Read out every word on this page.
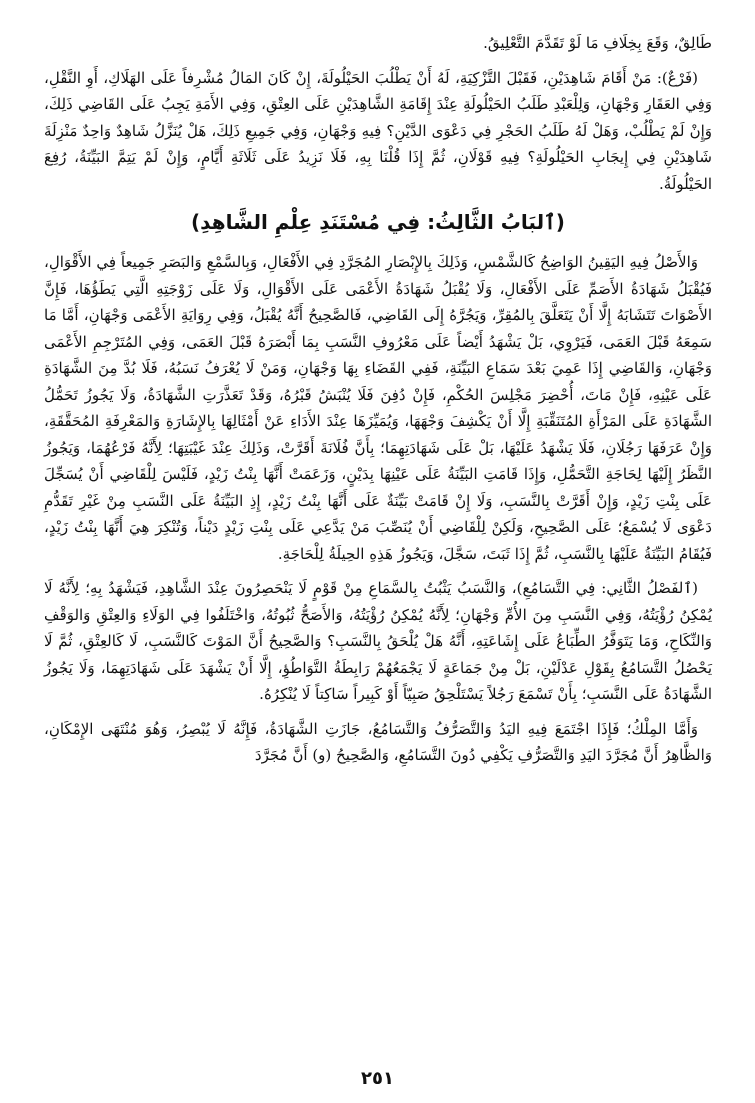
طَالِقٌ، وَقَعَ بِخِلَافِ مَا لَوْ تَقَدَّمَ التَّعْلِيقُ.

(فَرْعٌ): مَنْ أَقَامَ شَاهِدَيْنِ، فَقَبْلَ التَّزْكِيَةِ، لَهُ أَنْ يَطْلُبَ الحَيْلُولَةَ، إِنْ كَانَ المَالُ مُشْرِفاً عَلَى الهَلَاكِ، أَوِ النَّقْلِ، وَفِي العَقَارِ وَجْهَانِ، وَلِلْعَبْدِ طَلَبُ الحَيْلُولَةِ عِنْدَ إِقَامَةِ الشَّاهِدَيْنِ عَلَى العِتْقِ، وَفِي الأَمَةِ يَجِبُ عَلَى القَاضِي ذَلِكَ، وَإِنْ لَمْ يَطْلُبْ، وَهَلْ لَهُ طَلَبُ الحَجْرِ فِي دَعْوَى الدَّيْنِ؟ فِيهِ وَجْهَانِ، وَفِي جَمِيعِ ذَلِكَ، هَلْ يُنَزَّلُ شَاهِدٌ وَاحِدٌ مَنْزِلَةَ شَاهِدَيْنِ فِي إِيجَابِ الحَيْلُولَةِ؟ فِيهِ قَوْلَانِ، ثُمَّ إِذَا قُلْنَا بِهِ، فَلَا نَزِيدُ عَلَى ثَلَاثَةِ أَيَّامٍ، وَإِنْ لَمْ يَتِمَّ البَيِّنَةُ، رُفِعَ الحَيْلُولَةُ.

(ٱلبَابُ الثَّالِثُ: فِي مُسْتَنَدِ عِلْمِ الشَّاهِدِ)

وَالأَصْلُ فِيهِ اليَقِينُ الوَاضِحُ كَالشَّمْسِ، وَذَلِكَ بِالإِبْصَارِ المُجَرَّدِ فِي الأَفْعَالِ، وَبِالسَّمْعِ وَالبَصَرِ جَمِيعاً فِي الأَقْوَالِ، فَيُقْبَلُ شَهَادَةُ الأَصَمِّ عَلَى الأَفْعَالِ، وَلَا يُقْبَلُ شَهَادَةُ الأَعْمَى عَلَى الأَقْوَالِ، وَلَا عَلَى زَوْجَتِهِ الَّتِي يَطَؤُهَا، فَإِنَّ الأَصْوَاتَ تَتَشَابَهُ إِلَّا أَنْ يَتَعَلَّقَ بِالمُقِرِّ، وَيَجُرَّهُ إِلَى القَاضِي، فَالصَّحِيحُ أَنَّهُ يُقْبَلُ، وَفِي رِوَايَةِ الأَعْمَى وَجْهَانِ، أَمَّا مَا سَمِعَهُ قَبْلَ العَمَى، فَيَرْوِي، بَلْ يَشْهَدُ أَيْضاً عَلَى مَعْرُوفِ النَّسَبِ بِمَا أَبْصَرَهُ قَبْلَ العَمَى، وَفِي المُتَرْجِمِ الأَعْمَى وَجْهَانِ، وَالقَاضِي إِذَا عَمِيَ بَعْدَ سَمَاعِ البَيِّنَةِ، فَفِي القَضَاءِ بِهَا وَجْهَانِ، وَمَنْ لَا يُعْرَفُ نَسَبُهُ، فَلَا بُدَّ مِنَ الشَّهَادَةِ عَلَى عَيْنِهِ، فَإِنْ مَاتَ، أُحْضِرَ مَجْلِسَ الحُكْمِ، فَإِنْ دُفِنَ فَلَا يُنْبَشُ قَبْرُهُ، وَقَدْ تَعَذَّرَتِ الشَّهَادَةُ، وَلَا يَجُوزُ تَحَمُّلُ الشَّهَادَةِ عَلَى المَرْأَةِ المُتَنَقِّبَةِ إِلَّا أَنْ يَكْشِفَ وَجْهَهَا، وَيُمَيِّزَهَا عِنْدَ الأَدَاءِ عَنْ أَمْثَالِهَا بِالإِشَارَةِ وَالمَعْرِفَةِ المُحَقَّقَةِ، وَإِنْ عَرَفَهَا رَجُلَانِ، فَلَا يَشْهَدُ عَلَيْهَا، بَلْ عَلَى شَهَادَتِهِمَا؛ بِأَنَّ فُلَانَةَ أَقَرَّتْ، وَذَلِكَ عِنْدَ غَيْبَتِهَا؛ لِأَنَّهُ فَرْعُهُمَا، وَيَجُوزُ النَّظَرُ إِلَيْهَا لِحَاجَةِ التَّحَمُّلِ، وَإِذَا قَامَتِ البَيِّنَةُ عَلَى عَيْنِهَا بِدَيْنٍ، وَزَعَمَتْ أَنَّهَا بِنْتُ زَيْدٍ، فَلَيْسَ لِلْقَاضِي أَنْ يُسَجِّلَ عَلَى بِنْتِ زَيْدٍ، وَإِنْ أَقَرَّتْ بِالنَّسَبِ، وَلَا إِنْ قَامَتْ بَيِّنَةٌ عَلَى أَنَّهَا بِنْتُ زَيْدٍ، إِذِ البَيِّنَةُ عَلَى النَّسَبِ مِنْ غَيْرِ تَقَدُّمِ دَعْوَى لَا يُسْمَعُ؛ عَلَى الصَّحِيحِ، وَلَكِنْ لِلْقَاضِي أَنْ يُنَصِّبَ مَنْ يَدَّعِي عَلَى بِنْتِ زَيْدٍ دَيْناً، وَتُنْكِرَ هِيَ أَنَّهَا بِنْتُ زَيْدٍ، فَيُقَامُ البَيِّنَةُ عَلَيْهَا بِالنَّسَبِ، ثُمَّ إِذَا ثَبَتَ، سَجَّلَ، وَيَجُوزُ هَذِهِ الحِيلَةُ لِلْحَاجَةِ.

(ٱلفَصْلُ الثَّانِي: فِي التَّسَامُعِ)، وَالنَّسَبُ يَثْبُتُ بِالسَّمَاعِ مِنْ قَوْمٍ لَا يَنْحَصِرُونَ عِنْدَ الشَّاهِدِ، فَيَشْهَدُ بِهِ؛ لِأَنَّهُ لَا يُمْكِنُ رُؤْيَتُهُ، وَفِي النَّسَبِ مِنَ الأُمِّ وَجْهَانِ؛ لِأَنَّهُ يُمْكِنُ رُؤْيَتُهُ، وَالأَصَحُّ ثُبُوتُهُ، وَاخْتَلَفُوا فِي الوَلَاءِ وَالعِتْقِ وَالوَقْفِ وَالنِّكَاحِ، وَمَا يَتَوَفَّرُ الطِّبَاعُ عَلَى إِشَاعَتِهِ، أَنَّهُ هَلْ يُلْحَقُ بِالنَّسَبِ؟ وَالصَّحِيحُ أَنَّ المَوْتَ كَالنَّسَبِ، لَا كَالعِتْقِ، ثُمَّ لَا يَحْصُلُ التَّسَامُعُ بِقَوْلِ عَدْلَيْنِ، بَلْ مِنْ جَمَاعَةٍ لَا يَجْمَعُهُمْ رَابِطَةُ التَّوَاطُؤِ، إِلَّا أَنْ يَشْهَدَ عَلَى شَهَادَتِهِمَا، وَلَا يَجُوزُ الشَّهَادَةُ عَلَى النَّسَبِ؛ بِأَنْ تَسْمَعَ رَجُلاً يَسْتَلْحِقُ صَبِيّاً أَوْ كَبِيراً سَاكِتاً لَا يُنْكِرُهُ.

وَأَمَّا المِلْكُ؛ فَإِذَا اجْتَمَعَ فِيهِ اليَدُ وَالتَّصَرُّفُ وَالتَّسَامُعُ، جَازَتِ الشَّهَادَةُ، فَإِنَّهُ لَا يُبْصِرُ، وَهُوَ مُنْتَهَى الإِمْكَانِ، وَالظَّاهِرُ أَنَّ مُجَرَّدَ اليَدِ وَالتَّصَرُّفِ يَكْفِي دُونَ التَّسَامُعِ، وَالصَّحِيحُ (و) أَنَّ مُجَرَّدَ

٢٥١
